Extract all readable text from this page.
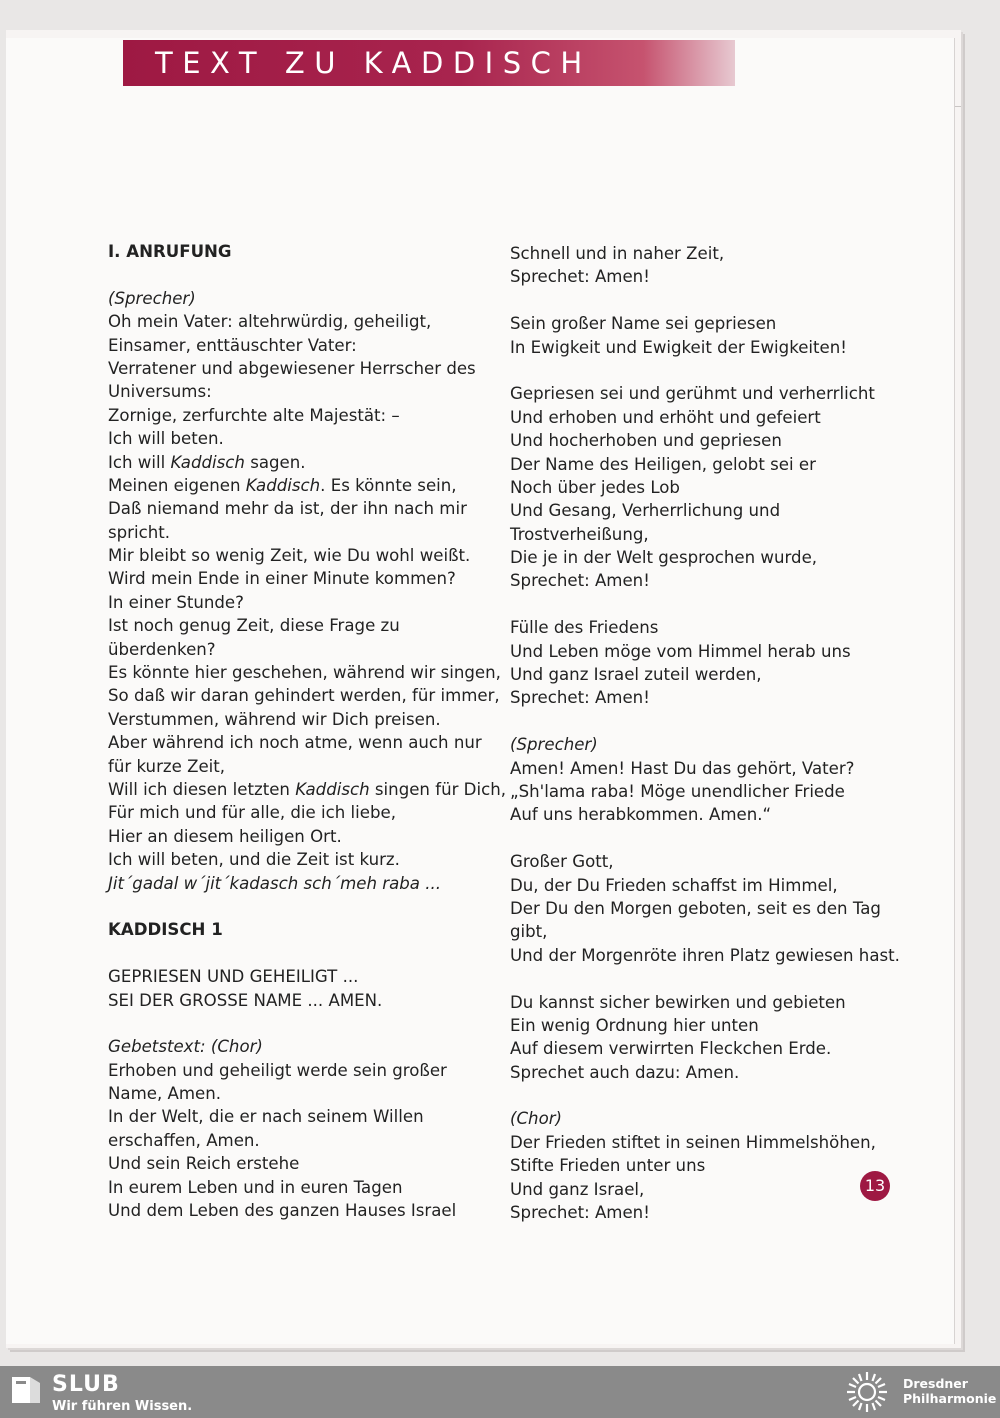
TEXT ZU KADDISCH
I. ANRUFUNG
(Sprecher)
Oh mein Vater: altehrwürdig, geheiligt,
Einsamer, enttäuschter Vater:
Verratener und abgewiesener Herrscher des
Universums:
Zornige, zerfurchte alte Majestät: –
Ich will beten.
Ich will Kaddisch sagen.
Meinen eigenen Kaddisch. Es könnte sein,
Daß niemand mehr da ist, der ihn nach mir
spricht.
Mir bleibt so wenig Zeit, wie Du wohl weißt.
Wird mein Ende in einer Minute kommen?
In einer Stunde?
Ist noch genug Zeit, diese Frage zu
überdenken?
Es könnte hier geschehen, während wir singen,
So daß wir daran gehindert werden, für immer,
Verstummen, während wir Dich preisen.
Aber während ich noch atme, wenn auch nur
für kurze Zeit,
Will ich diesen letzten Kaddisch singen für Dich,
Für mich und für alle, die ich liebe,
Hier an diesem heiligen Ort.
Ich will beten, und die Zeit ist kurz.
Jit´gadal w´jit´kadasch sch´meh raba ...
KADDISCH 1
GEPRIESEN UND GEHEILIGT ...
SEI DER GROSSE NAME ... AMEN.
Gebetstext: (Chor)
Erhoben und geheiligt werde sein großer
Name, Amen.
In der Welt, die er nach seinem Willen
erschaffen, Amen.
Und sein Reich erstehe
In eurem Leben und in euren Tagen
Und dem Leben des ganzen Hauses Israel
Schnell und in naher Zeit,
Sprechet: Amen!
Sein großer Name sei gepriesen
In Ewigkeit und Ewigkeit der Ewigkeiten!
Gepriesen sei und gerühmt und verherrlicht
Und erhoben und erhöht und gefeiert
Und hocherhoben und gepriesen
Der Name des Heiligen, gelobt sei er
Noch über jedes Lob
Und Gesang, Verherrlichung und
Trostverheißung,
Die je in der Welt gesprochen wurde,
Sprechet: Amen!
Fülle des Friedens
Und Leben möge vom Himmel herab uns
Und ganz Israel zuteil werden,
Sprechet: Amen!
(Sprecher)
Amen! Amen! Hast Du das gehört, Vater?
„Sh'lama raba! Möge unendlicher Friede
Auf uns herabkommen. Amen.“
Großer Gott,
Du, der Du Frieden schaffst im Himmel,
Der Du den Morgen geboten, seit es den Tag
gibt,
Und der Morgenröte ihren Platz gewiesen hast.
Du kannst sicher bewirken und gebieten
Ein wenig Ordnung hier unten
Auf diesem verwirrten Fleckchen Erde.
Sprechet auch dazu: Amen.
(Chor)
Der Frieden stiftet in seinen Himmelshöhen,
Stifte Frieden unter uns
Und ganz Israel,
Sprechet: Amen!
13
SLUB
Wir führen Wissen.
Dresdner
Philharmonie
